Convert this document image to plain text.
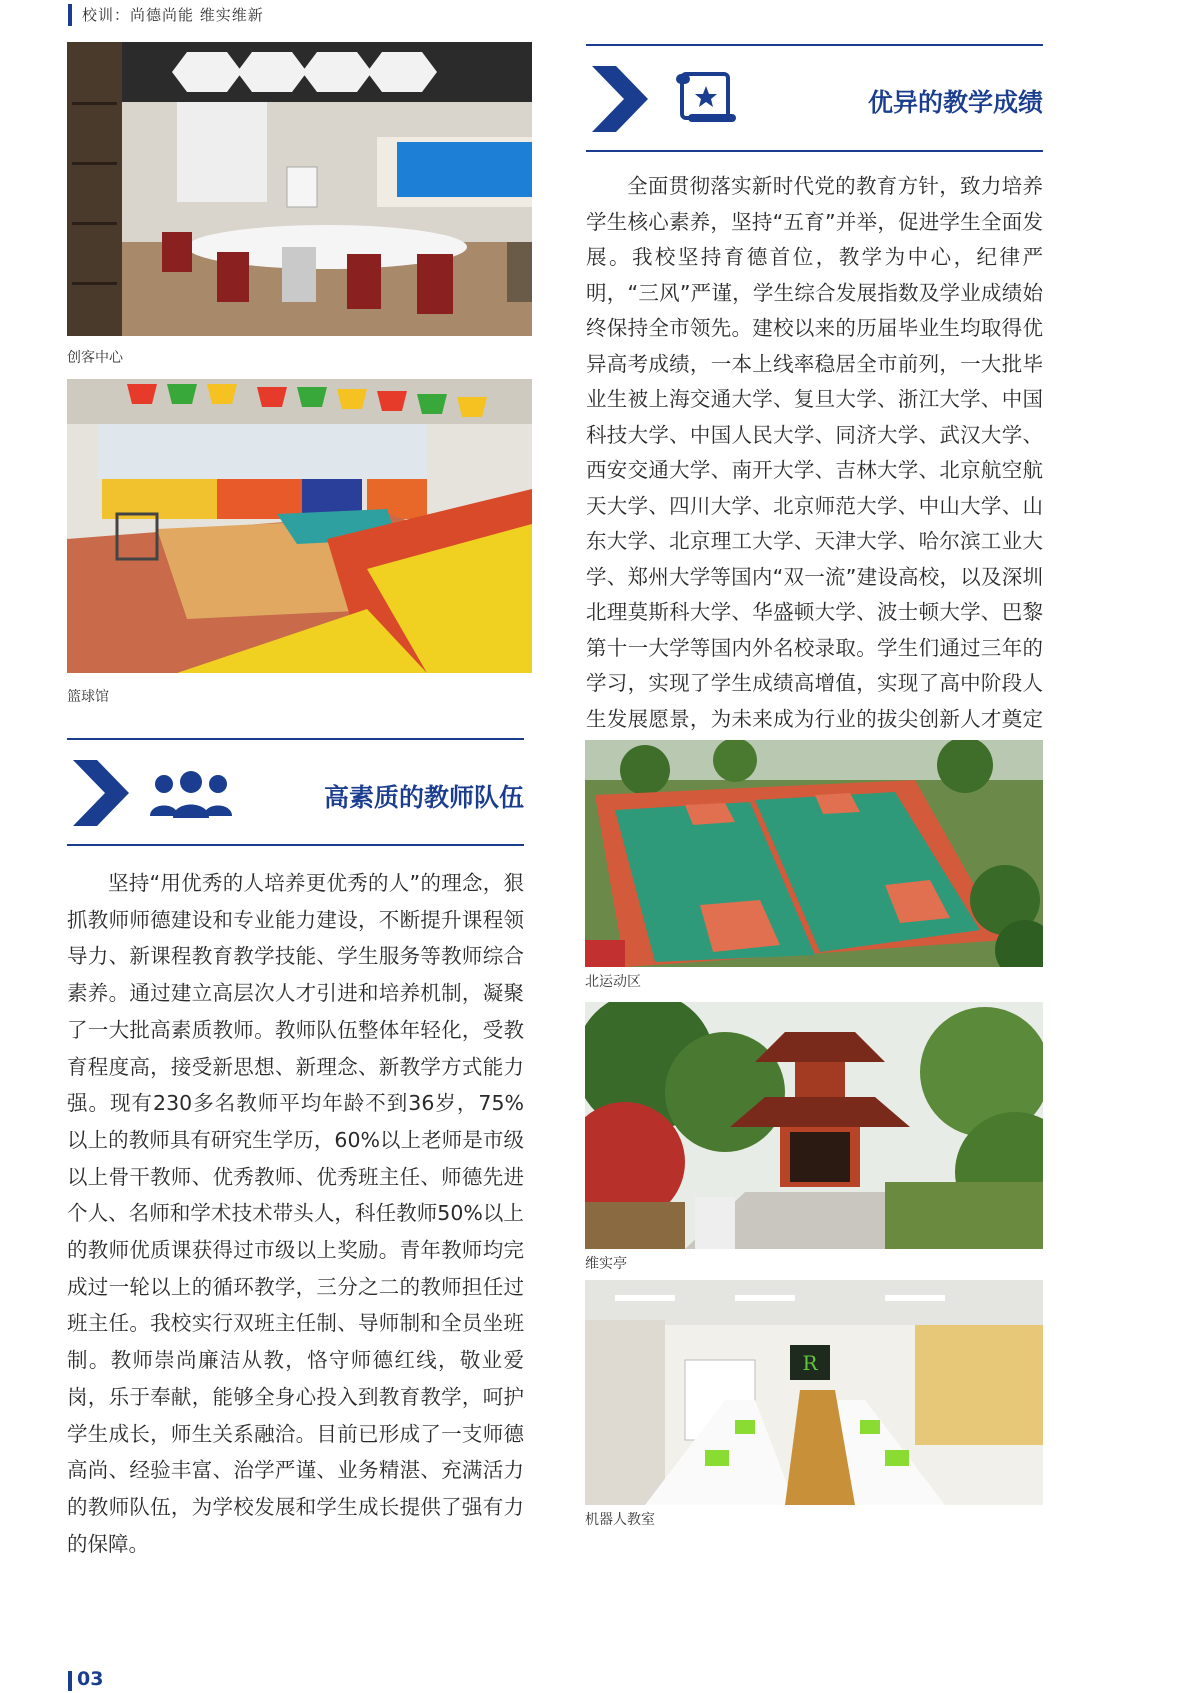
校训：尚德尚能 维实维新
创客中心
篮球馆
优异的教学成绩
全面贯彻落实新时代党的教育方针，致力培养学生核心素养，坚持“五育”并举，促进学生全面发展。我校坚持育德首位，教学为中心，纪律严明，“三风”严谨，学生综合发展指数及学业成绩始终保持全市领先。建校以来的历届毕业生均取得优异高考成绩，一本上线率稳居全市前列，一大批毕业生被上海交通大学、复旦大学、浙江大学、中国科技大学、中国人民大学、同济大学、武汉大学、西安交通大学、南开大学、吉林大学、北京航空航天大学、四川大学、北京师范大学、中山大学、山东大学、北京理工大学、天津大学、哈尔滨工业大学、郑州大学等国内“双一流”建设高校，以及深圳北理莫斯科大学、华盛顿大学、波士顿大学、巴黎第十一大学等国内外名校录取。学生们通过三年的学习，实现了学生成绩高增值，实现了高中阶段人生发展愿景，为未来成为行业的拔尖创新人才奠定
高素质的教师队伍
坚持“用优秀的人培养更优秀的人”的理念，狠抓教师师德建设和专业能力建设，不断提升课程领导力、新课程教育教学技能、学生服务等教师综合素养。通过建立高层次人才引进和培养机制，凝聚了一大批高素质教师。教师队伍整体年轻化，受教育程度高，接受新思想、新理念、新教学方式能力强。现有230多名教师平均年龄不到36岁，75%以上的教师具有研究生学历，60%以上老师是市级以上骨干教师、优秀教师、优秀班主任、师德先进个人、名师和学术技术带头人，科任教师50%以上的教师优质课获得过市级以上奖励。青年教师均完成过一轮以上的循环教学，三分之二的教师担任过班主任。我校实行双班主任制、导师制和全员坐班制。教师崇尚廉洁从教，恪守师德红线，敬业爱岗，乐于奉献，能够全身心投入到教育教学，呵护学生成长，师生关系融洽。目前已形成了一支师德高尚、经验丰富、治学严谨、业务精湛、充满活力的教师队伍，为学校发展和学生成长提供了强有力的保障。
北运动区
维实亭
R
机器人教室
03
